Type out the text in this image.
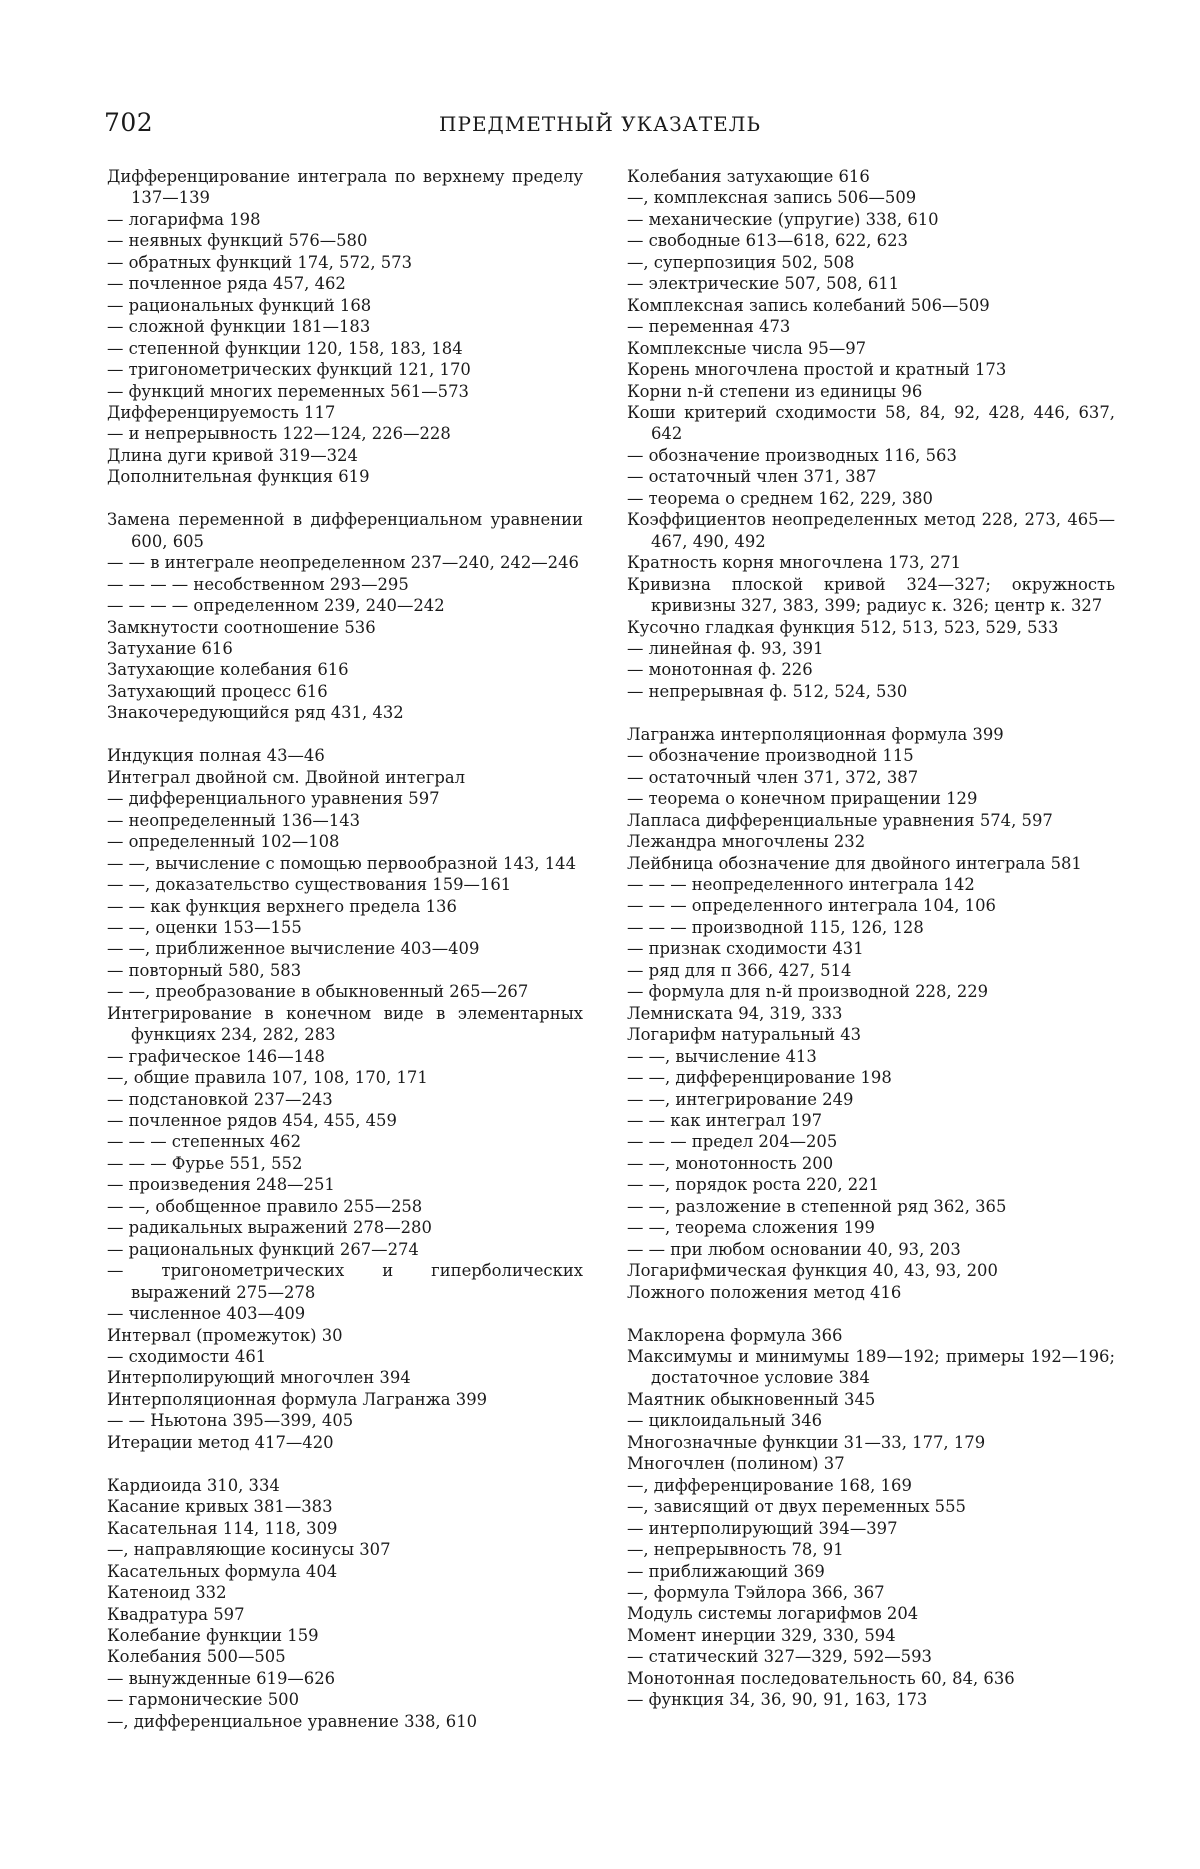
702	ПРЕДМЕТНЫЙ УКАЗАТЕЛЬ
Дифференцирование интеграла по верхнему пределу 137—139
— логарифма 198
— неявных функций 576—580
— обратных функций 174, 572, 573
— почленное ряда 457, 462
— рациональных функций 168
— сложной функции 181—183
— степенной функции 120, 158, 183, 184
— тригонометрических функций 121, 170
— функций многих переменных 561—573
Дифференцируемость 117
— и непрерывность 122—124, 226—228
Длина дуги кривой 319—324
Дополнительная функция 619
Замена переменной в дифференциальном уравнении 600, 605
— — в интеграле неопределенном 237—240, 242—246
— — — — несобственном 293—295
— — — — определенном 239, 240—242
Замкнутости соотношение 536
Затухание 616
Затухающие колебания 616
Затухающий процесс 616
Знакочередующийся ряд 431, 432
Индукция полная 43—46
Интеграл двойной см. Двойной интеграл
— дифференциального уравнения 597
— неопределенный 136—143
— определенный 102—108
— —, вычисление с помощью первообразной 143, 144
— —, доказательство существования 159—161
— — как функция верхнего предела 136
— —, оценки 153—155
— —, приближенное вычисление 403—409
— повторный 580, 583
— —, преобразование в обыкновенный 265—267
Интегрирование в конечном виде в элементарных функциях 234, 282, 283
— графическое 146—148
—, общие правила 107, 108, 170, 171
— подстановкой 237—243
— почленное рядов 454, 455, 459
— — — степенных 462
— — — Фурье 551, 552
— произведения 248—251
— —, обобщенное правило 255—258
— радикальных выражений 278—280
— рациональных функций 267—274
— тригонометрических и гиперболических выражений 275—278
— численное 403—409
Интервал (промежуток) 30
— сходимости 461
Интерполирующий многочлен 394
Интерполяционная формула Лагранжа 399
— — Ньютона 395—399, 405
Итерации метод 417—420
Кардиоида 310, 334
Касание кривых 381—383
Касательная 114, 118, 309
—, направляющие косинусы 307
Касательных формула 404
Катеноид 332
Квадратура 597
Колебание функции 159
Колебания 500—505
— вынужденные 619—626
— гармонические 500
—, дифференциальное уравнение 338, 610
Колебания затухающие 616
—, комплексная запись 506—509
— механические (упругие) 338, 610
— свободные 613—618, 622, 623
—, суперпозиция 502, 508
— электрические 507, 508, 611
Комплексная запись колебаний 506—509
— переменная 473
Комплексные числа 95—97
Корень многочлена простой и кратный 173
Корни n-й степени из единицы 96
Коши критерий сходимости 58, 84, 92, 428, 446, 637, 642
— обозначение производных 116, 563
— остаточный член 371, 387
— теорема о среднем 162, 229, 380
Коэффициентов неопределенных метод 228, 273, 465—467, 490, 492
Кратность корня многочлена 173, 271
Кривизна плоской кривой 324—327; окружность кривизны 327, 383, 399; радиус к. 326; центр к. 327
Кусочно гладкая функция 512, 513, 523, 529, 533
— линейная ф. 93, 391
— монотонная ф. 226
— непрерывная ф. 512, 524, 530
Лагранжа интерполяционная формула 399
— обозначение производной 115
— остаточный член 371, 372, 387
— теорема о конечном приращении 129
Лапласа дифференциальные уравнения 574, 597
Лежандра многочлены 232
Лейбница обозначение для двойного интеграла 581
— — — неопределенного интеграла 142
— — — определенного интеграла 104, 106
— — — производной 115, 126, 128
— признак сходимости 431
— ряд для π 366, 427, 514
— формула для n-й производной 228, 229
Лемниската 94, 319, 333
Логарифм натуральный 43
— —, вычисление 413
— —, дифференцирование 198
— —, интегрирование 249
— — как интеграл 197
— — — предел 204—205
— —, монотонность 200
— —, порядок роста 220, 221
— —, разложение в степенной ряд 362, 365
— —, теорема сложения 199
— — при любом основании 40, 93, 203
Логарифмическая функция 40, 43, 93, 200
Ложного положения метод 416
Маклорена формула 366
Максимумы и минимумы 189—192; примеры 192—196; достаточное условие 384
Маятник обыкновенный 345
— циклоидальный 346
Многозначные функции 31—33, 177, 179
Многочлен (полином) 37
—, дифференцирование 168, 169
—, зависящий от двух переменных 555
— интерполирующий 394—397
—, непрерывность 78, 91
— приближающий 369
—, формула Тэйлора 366, 367
Модуль системы логарифмов 204
Момент инерции 329, 330, 594
— статический 327—329, 592—593
Монотонная последовательность 60, 84, 636
— функция 34, 36, 90, 91, 163, 173
